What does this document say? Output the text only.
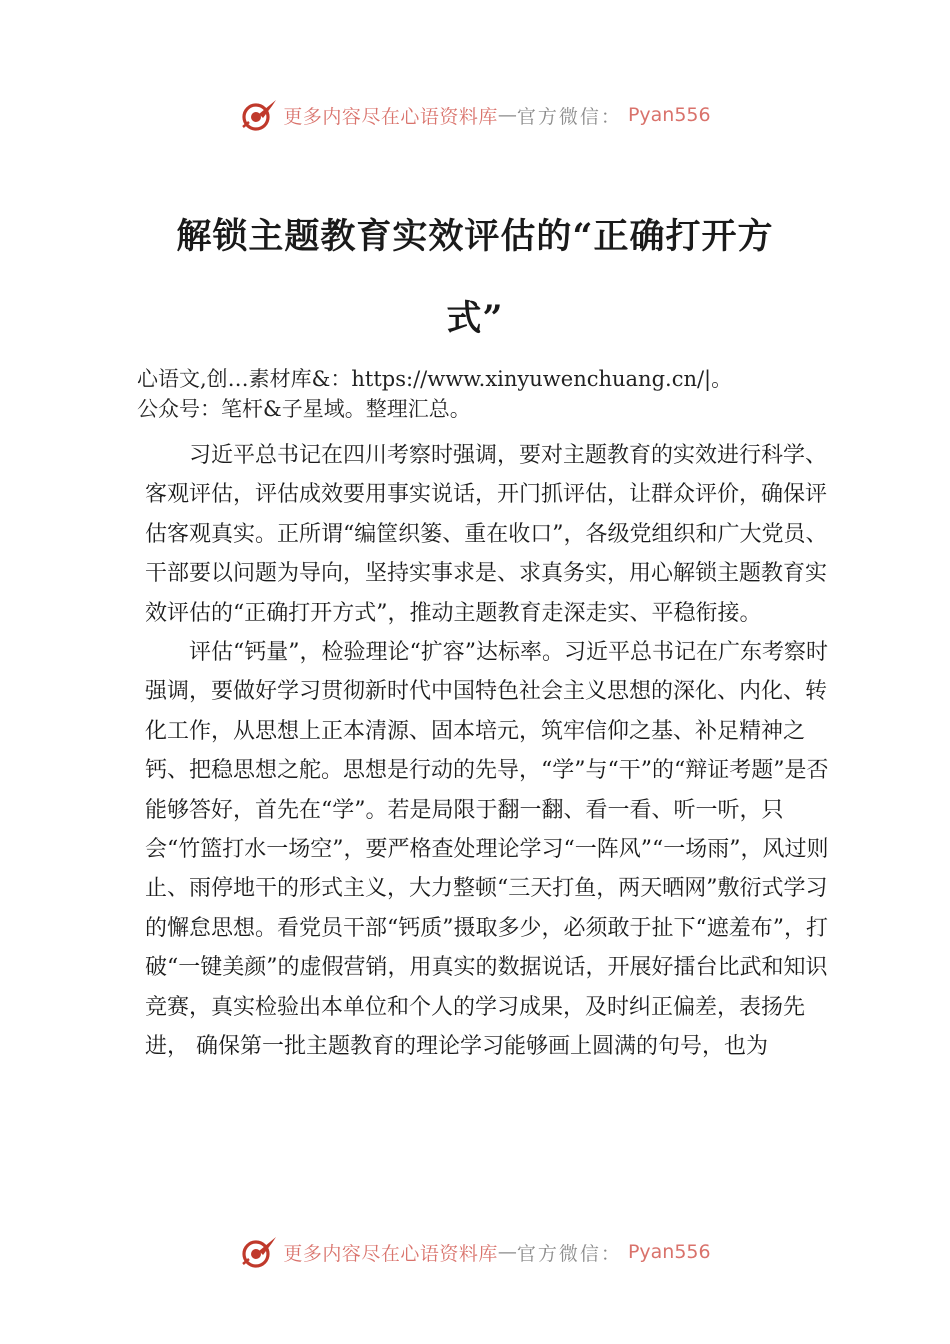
更多内容尽在心语资料库 — 官方微信： Pyan556
解锁主题教育实效评估的“正确打开方式”
心语文,创…素材库&：https://www.xinyuwenchuang.cn/|。
公众号：笔杆&子星域。整理汇总。

习近平总书记在四川考察时强调，要对主题教育的实效进行科学、客观评估，评估成效要用事实说话，开门抓评估，让群众评价，确保评估客观真实。正所谓“编筐织篓、重在收口”，各级党组织和广大党员、干部要以问题为导向，坚持实事求是、求真务实，用心解锁主题教育实效评估的“正确打开方式”，推动主题教育走深走实、平稳衔接。

评估“钙量”，检验理论“扩容”达标率。习近平总书记在广东考察时强调，要做好学习贯彻新时代中国特色社会主义思想的深化、内化、转化工作，从思想上正本清源、固本培元，筑牢信仰之基、补足精神之钙、把稳思想之舵。思想是行动的先导，“学”与“干”的“辩证考题”是否能够答好，首先在“学”。若是局限于翻一翻、看一看、听一听，只会“竹篮打水一场空”，要严格查处理论学习“一阵风”“一场雨”，风过则止、雨停地干的形式主义，大力整顿“三天打鱼，两天晒网”敷衍式学习的懈怠思想。看党员干部“钙质”摄取多少，必须敢于扯下“遮羞布”，打破“一键美颜”的虚假营销，用真实的数据说话，开展好擂台比武和知识竞赛，真实检验出本单位和个人的学习成果，及时纠正偏差，表扬先进， 确保第一批主题教育的理论学习能够画上圆满的句号，也为

更多内容尽在心语资料库 — 官方微信： Pyan556
